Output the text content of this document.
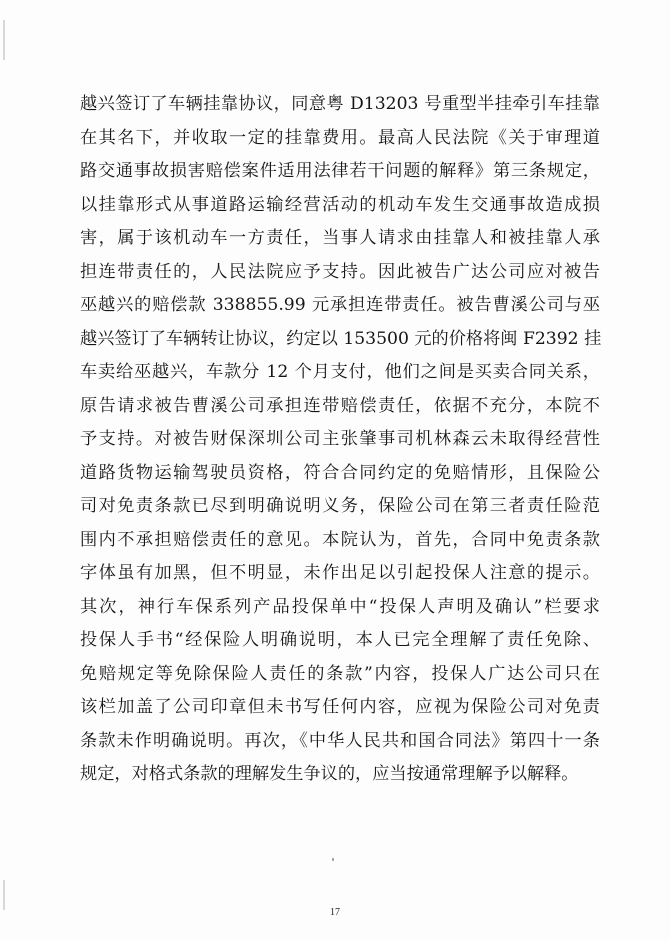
越兴签订了车辆挂靠协议，同意粤 D13203 号重型半挂牵引车挂靠
在其名下，并收取一定的挂靠费用。最高人民法院《关于审理道
路交通事故损害赔偿案件适用法律若干问题的解释》第三条规定，
以挂靠形式从事道路运输经营活动的机动车发生交通事故造成损
害，属于该机动车一方责任，当事人请求由挂靠人和被挂靠人承
担连带责任的，人民法院应予支持。因此被告广达公司应对被告
巫越兴的赔偿款 338855.99 元承担连带责任。被告曹溪公司与巫
越兴签订了车辆转让协议，约定以 153500 元的价格将闽 F2392 挂
车卖给巫越兴，车款分 12 个月支付，他们之间是买卖合同关系，
原告请求被告曹溪公司承担连带赔偿责任，依据不充分，本院不
予支持。对被告财保深圳公司主张肇事司机林森云未取得经营性
道路货物运输驾驶员资格，符合合同约定的免赔情形，且保险公
司对免责条款已尽到明确说明义务，保险公司在第三者责任险范
围内不承担赔偿责任的意见。本院认为，首先，合同中免责条款
字体虽有加黑，但不明显，未作出足以引起投保人注意的提示。
其次，神行车保系列产品投保单中“投保人声明及确认”栏要求
投保人手书“经保险人明确说明，本人已完全理解了责任免除、
免赔规定等免除保险人责任的条款”内容，投保人广达公司只在
该栏加盖了公司印章但未书写任何内容，应视为保险公司对免责
条款未作明确说明。再次，《中华人民共和国合同法》第四十一条
规定，对格式条款的理解发生争议的，应当按通常理解予以解释。
17
